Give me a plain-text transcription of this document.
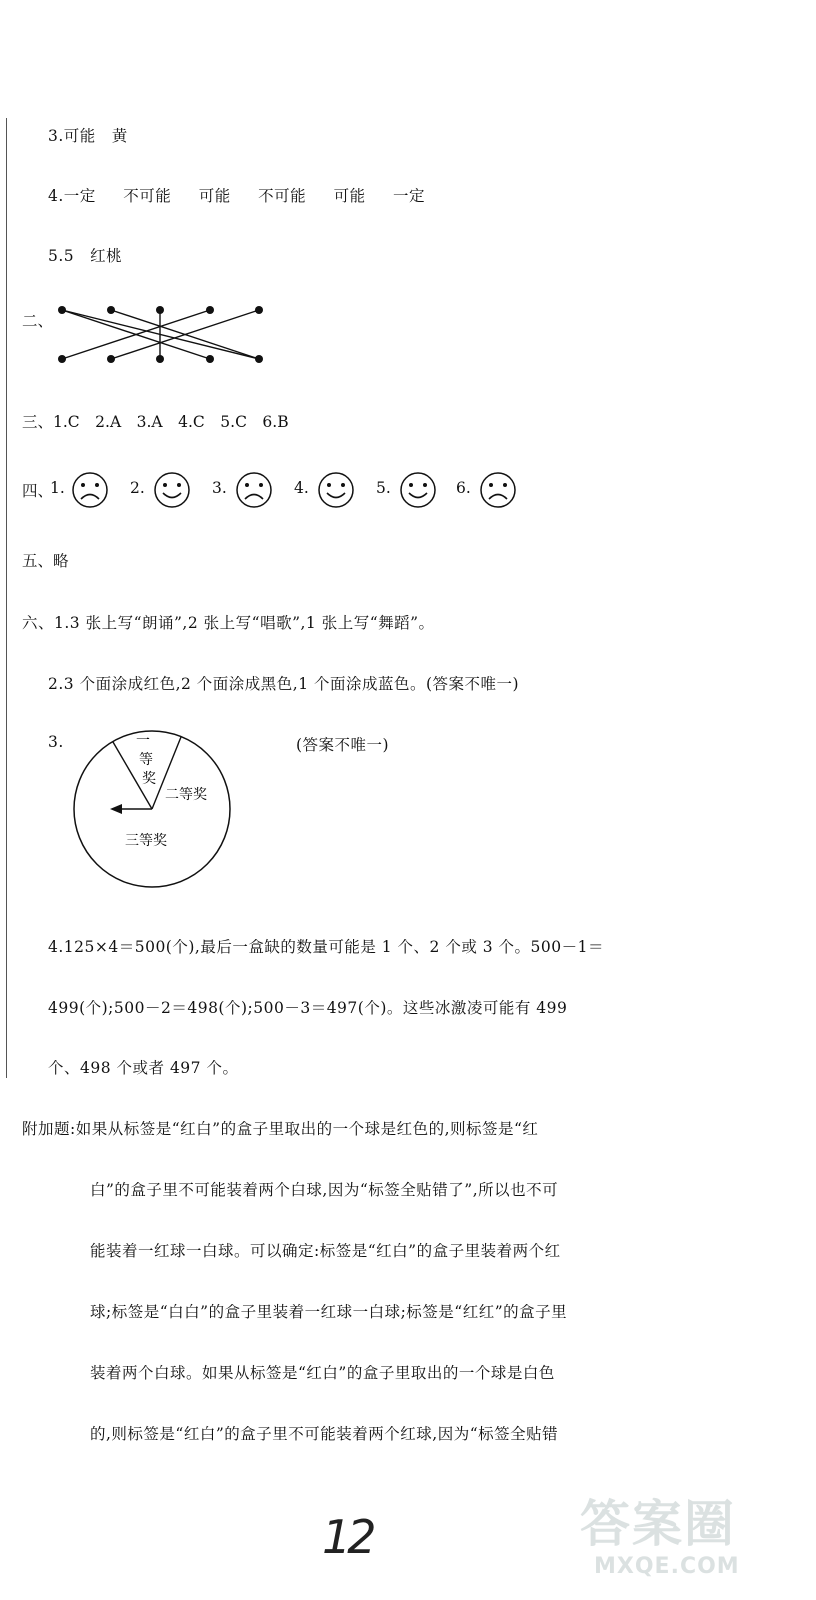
3.可能　黄
4.一定 不可能 可能 不可能 可能 一定
5.5　红桃
二、
三、1.C　2.A　3.A　4.C　5.C　6.B
四、
1.	2.	3.	4.	5.	6.
五、略
六、1.3 张上写“朗诵”,2 张上写“唱歌”,1 张上写“舞蹈”。
2.3 个面涂成红色,2 个面涂成黑色,1 个面涂成蓝色。(答案不唯一)
3.	(答案不唯一)
一
等
奖
二等奖
三等奖
4.125×4＝500(个),最后一盒缺的数量可能是 1 个、2 个或 3 个。500－1＝
499(个);500－2＝498(个);500－3＝497(个)。这些冰激凌可能有 499
个、498 个或者 497 个。
附加题:如果从标签是“红白”的盒子里取出的一个球是红色的,则标签是“红
白”的盒子里不可能装着两个白球,因为“标签全贴错了”,所以也不可
能装着一红球一白球。可以确定:标签是“红白”的盒子里装着两个红
球;标签是“白白”的盒子里装着一红球一白球;标签是“红红”的盒子里
装着两个白球。如果从标签是“红白”的盒子里取出的一个球是白色
的,则标签是“红白”的盒子里不可能装着两个红球,因为“标签全贴错
12	答案圈
MXQE.COM
